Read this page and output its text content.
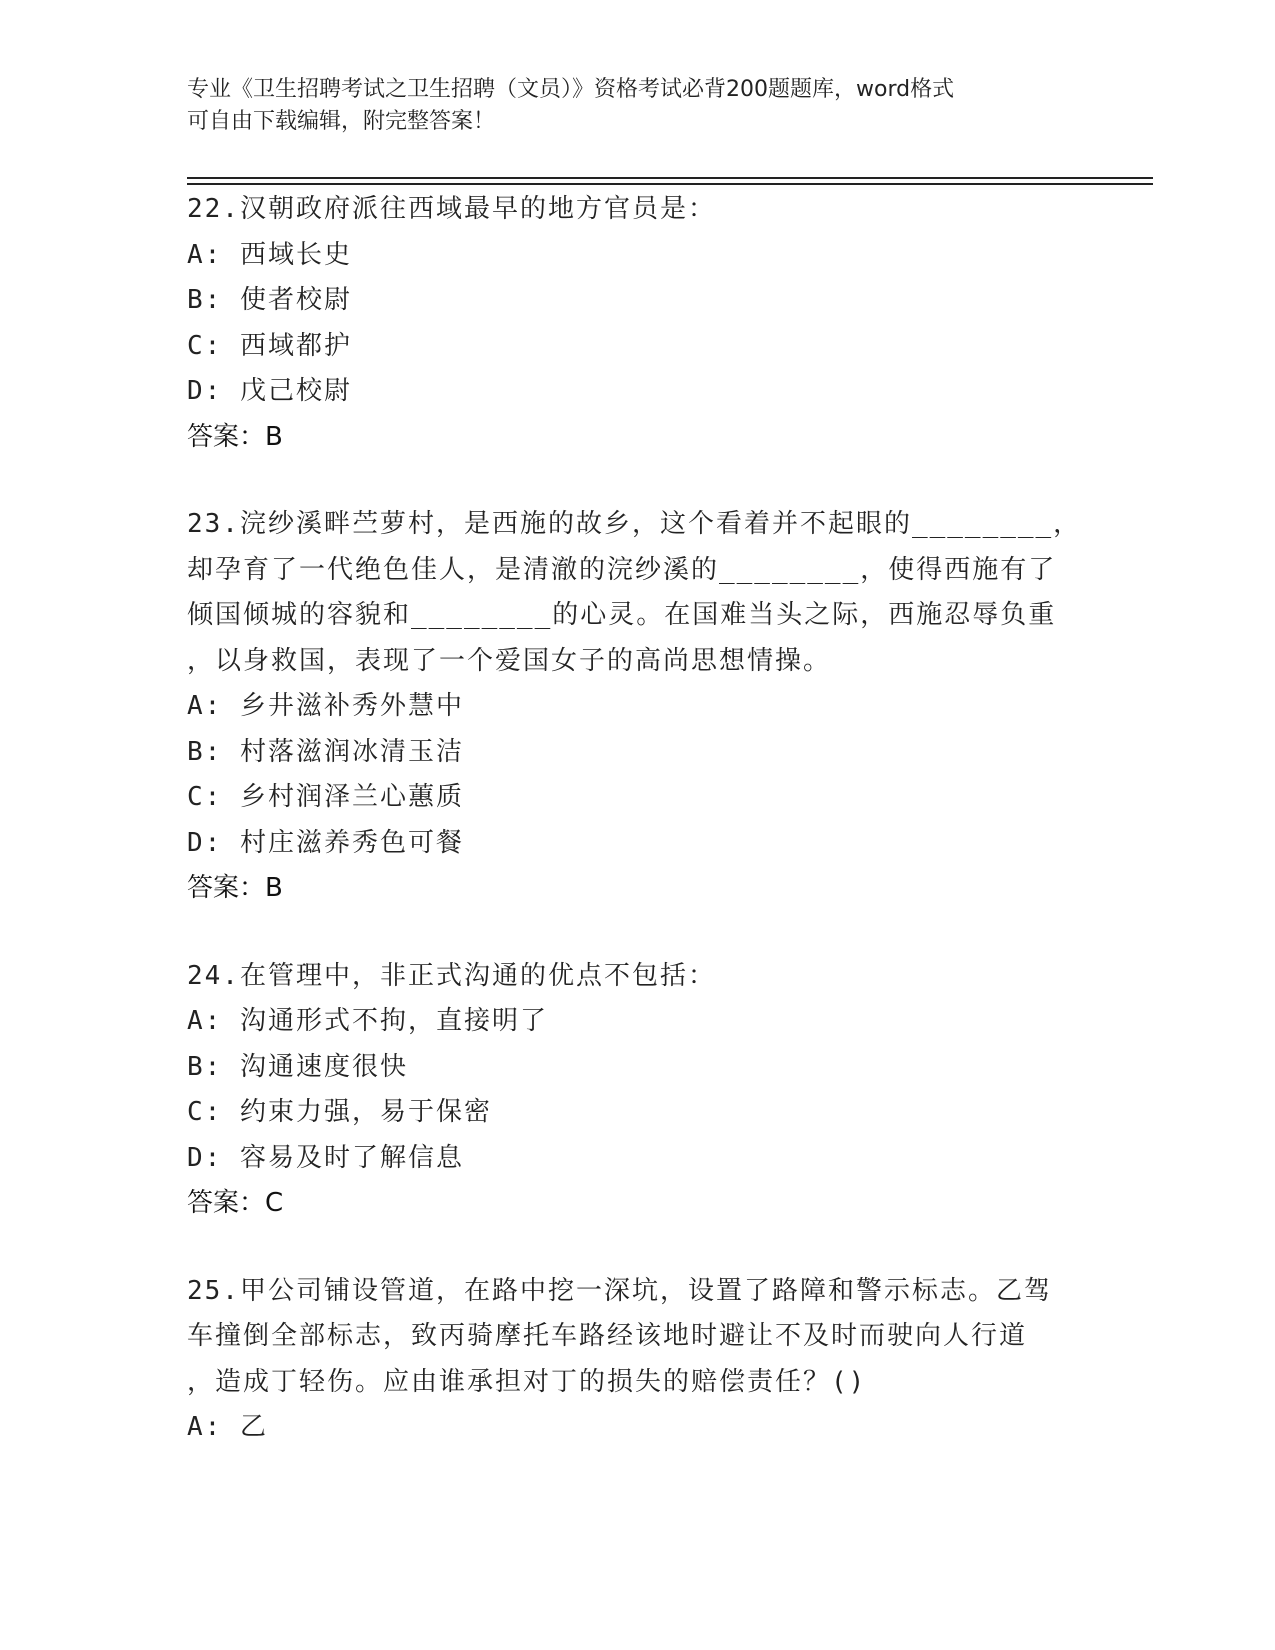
专业《卫生招聘考试之卫生招聘（文员）》资格考试必背200题题库，word格式
可自由下载编辑，附完整答案！
22.汉朝政府派往西域最早的地方官员是：
A: 西域长史
B: 使者校尉
C: 西域都护
D: 戊己校尉
答案：B
23.浣纱溪畔苎萝村，是西施的故乡，这个看着并不起眼的________，
却孕育了一代绝色佳人，是清澈的浣纱溪的________，使得西施有了
倾国倾城的容貌和________的心灵。在国难当头之际，西施忍辱负重
，以身救国，表现了一个爱国女子的高尚思想情操。
A: 乡井滋补秀外慧中
B: 村落滋润冰清玉洁
C: 乡村润泽兰心蕙质
D: 村庄滋养秀色可餐
答案：B
24.在管理中，非正式沟通的优点不包括：
A: 沟通形式不拘，直接明了
B: 沟通速度很快
C: 约束力强，易于保密
D: 容易及时了解信息
答案：C
25.甲公司铺设管道，在路中挖一深坑，设置了路障和警示标志。乙驾
车撞倒全部标志，致丙骑摩托车路经该地时避让不及时而驶向人行道
，造成丁轻伤。应由谁承担对丁的损失的赔偿责任？()
A: 乙
